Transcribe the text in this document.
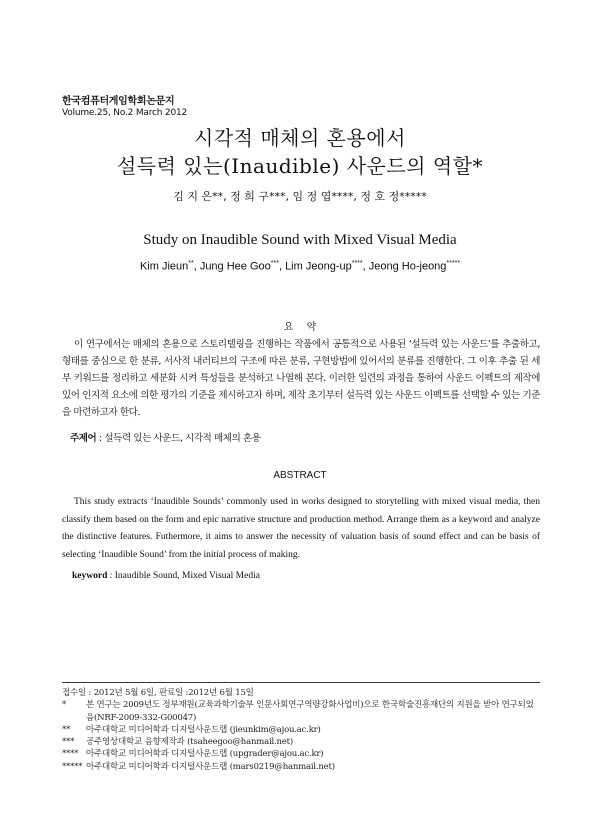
한국컴퓨터게임학회논문지
Volume.25, No.2 March 2012
시각적 매체의 혼용에서
설득력 있는(Inaudible) 사운드의 역할*
김 지 은**, 정 희 구***, 임 정 엽****, 정 호 정*****
Study on Inaudible Sound with Mixed Visual Media
Kim Jieun**, Jung Hee Goo***, Lim Jeong-up****, Jeong Ho-jeong*****
요 약
이 연구에서는 매체의 혼용으로 스토리텔링을 진행하는 작품에서 공통적으로 사용된 ‘설득력 있는 사운드’를 추출하고, 형태를 중심으로 한 분류, 서사적 내러티브의 구조에 따른 분류, 구현방법에 있어서의 분류를 진행한다. 그 이후 추출 된 세부 키워드를 정리하고 세분화 시켜 특성들을 분석하고 나열해 본다. 이러한 일련의 과정을 통하여 사운드 이펙트의 제작에 있어 인지적 요소에 의한 평가의 기준을 제시하고자 하며, 제작 초기부터 설득력 있는 사운드 이펙트를 선택할 수 있는 기준을 마련하고자 한다.
주제어 : 설득력 있는 사운드, 시각적 매체의 혼용
ABSTRACT
This study extracts ‘Inaudible Sounds’ commonly used in works designed to storytelling with mixed visual media, then classify them based on the form and epic narrative structure and production method. Arrange them as a keyword and analyze the distinctive features. Futhermore, it aims to answer the necessity of valuation basis of sound effect and can be basis of selecting ‘Inaudible Sound’ from the initial process of making.
keyword : Inaudible Sound, Mixed Visual Media
접수일 : 2012년 5월 6일, 판료일 :2012년 6월 15일
*	본 연구는 2009년도 정부재원(교육과학기술부 인문사회연구역량강화사업비)으로 한국학술진흥재단의 지원을 받아 연구되었음(NRF-2009-332-G00047)
**	아주대학교 미디어학과 디지털사운드랩 (jieunkim@ajou.ac.kr)
***	공주영상대학교 음향제작과 (tsaheegoo@hanmail.net)
**** 아주대학교 미디어학과 디지털사운드랩 (upgrader@ajou.ac.kr)
***** 아주대학교 미디어학과 디지털사운드랩 (mars0219@hanmail.net)
